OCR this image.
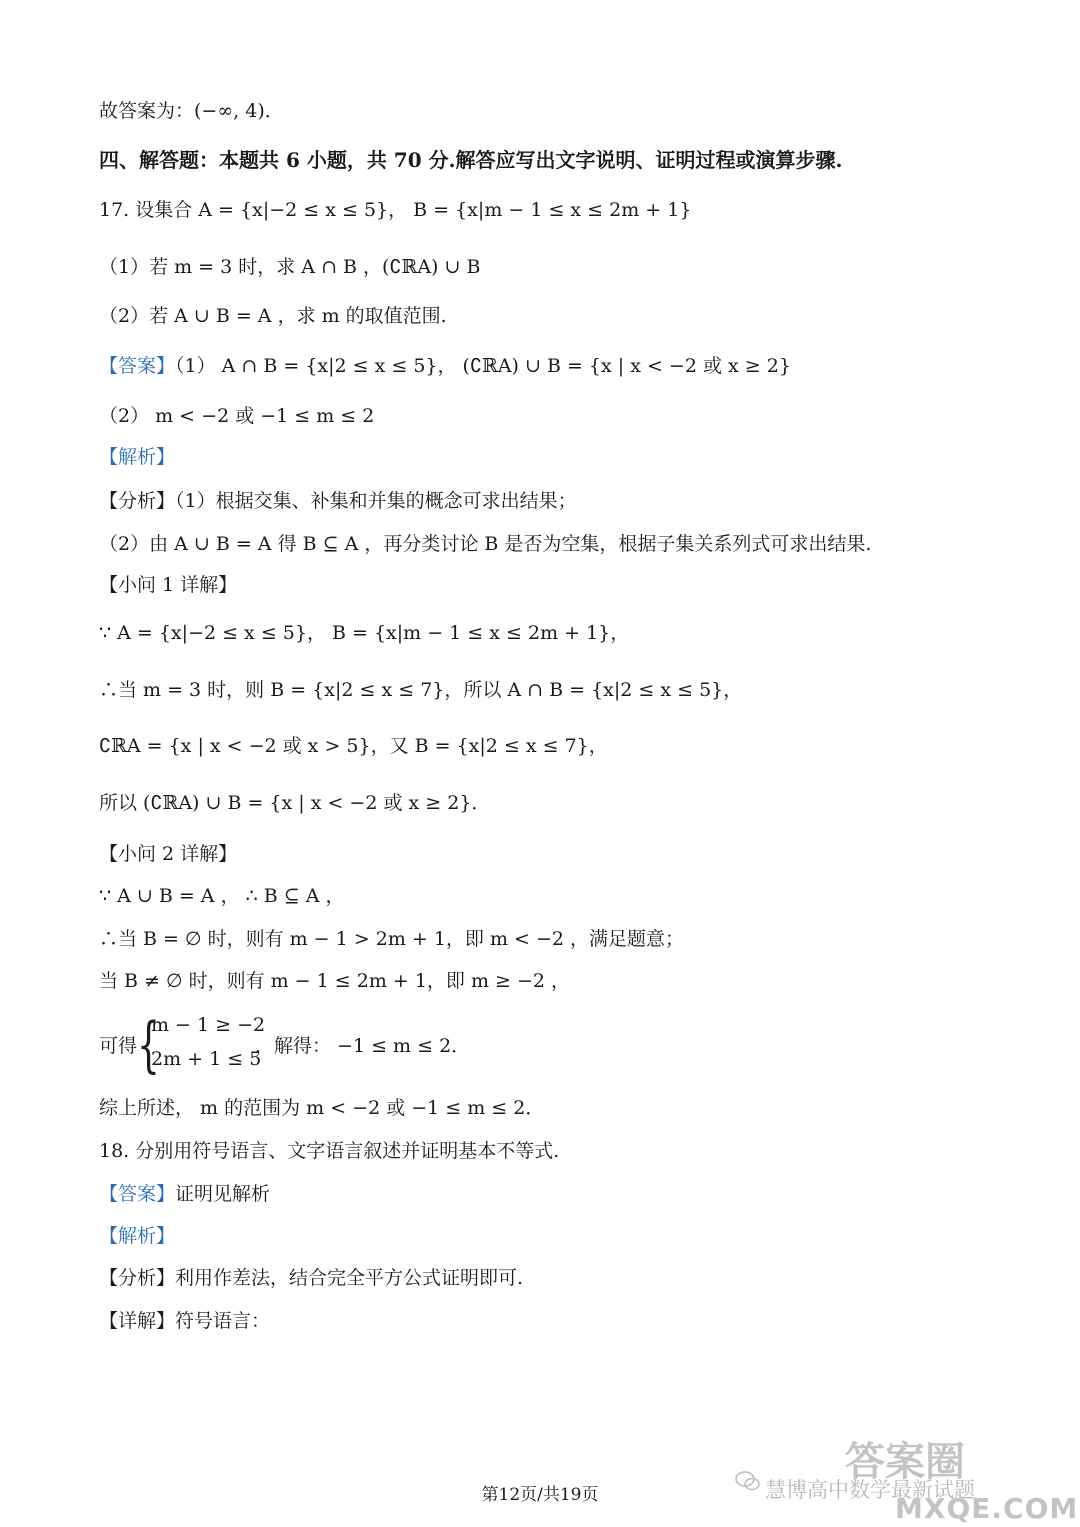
故答案为：(−∞, 4)．
四、解答题：本题共 6 小题，共 70 分.解答应写出文字说明、证明过程或演算步骤.
17. 设集合 A = {x|−2 ≤ x ≤ 5}， B = {x|m − 1 ≤ x ≤ 2m + 1}
（1）若 m = 3 时，求 A ∩ B ，(∁ℝA) ∪ B
（2）若 A ∪ B = A ，求 m 的取值范围.
【答案】（1） A ∩ B = {x|2 ≤ x ≤ 5}， (∁ℝA) ∪ B = {x | x < −2 或 x ≥ 2}
（2） m < −2 或 −1 ≤ m ≤ 2
【解析】
【分析】（1）根据交集、补集和并集的概念可求出结果；
（2）由 A ∪ B = A 得 B ⊆ A ，再分类讨论 B 是否为空集，根据子集关系列式可求出结果.
【小问 1 详解】
∵ A = {x|−2 ≤ x ≤ 5}， B = {x|m − 1 ≤ x ≤ 2m + 1}，
∴当 m = 3 时，则 B = {x|2 ≤ x ≤ 7}，所以 A ∩ B = {x|2 ≤ x ≤ 5}，
∁ℝA = {x | x < −2 或 x > 5}，又 B = {x|2 ≤ x ≤ 7}，
所以 (∁ℝA) ∪ B = {x | x < −2 或 x ≥ 2}．
【小问 2 详解】
∵ A ∪ B = A ， ∴ B ⊆ A ，
∴当 B = ∅ 时，则有 m − 1 > 2m + 1，即 m < −2 ，满足题意；
当 B ≠ ∅ 时，则有 m − 1 ≤ 2m + 1，即 m ≥ −2 ，
可得 {
m − 1 ≥ −2
2m + 1 ≤ 5
，解得： −1 ≤ m ≤ 2．
综上所述， m 的范围为 m < −2 或 −1 ≤ m ≤ 2．
18. 分别用符号语言、文字语言叙述并证明基本不等式.
【答案】证明见解析
【解析】
【分析】利用作差法，结合完全平方公式证明即可.
【详解】符号语言：
答案圈
慧博高中数学最新试题
MXQE.COM
第12页/共19页
